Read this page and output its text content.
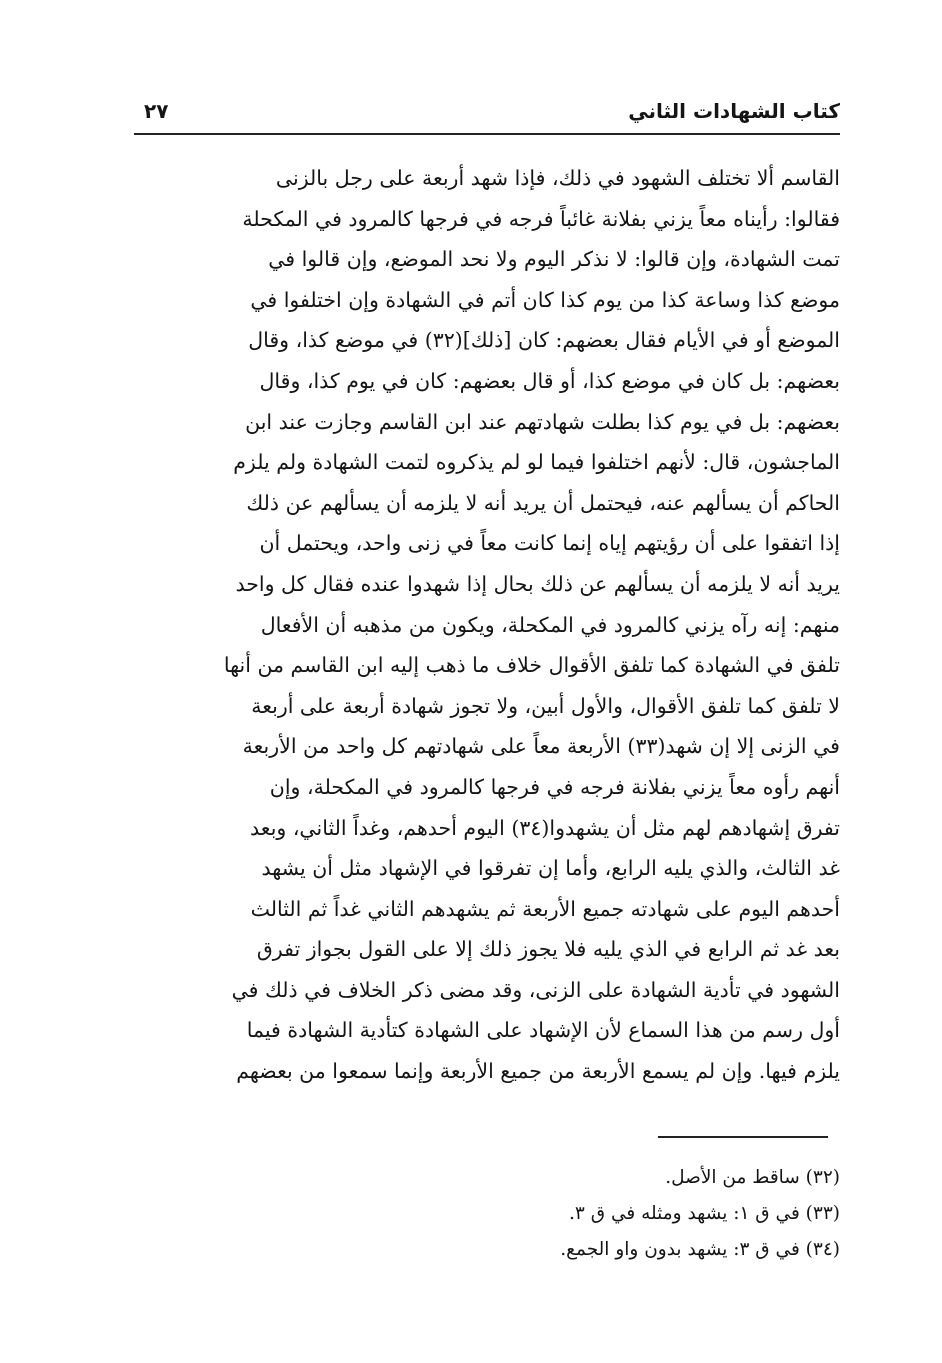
كتاب الشهادات الثاني
٢٧
القاسم ألا تختلف الشهود في ذلك، فإذا شهد أربعة على رجل بالزنى
فقالوا: رأيناه معاً يزني بفلانة غائباً فرجه في فرجها كالمرود في المكحلة
تمت الشهادة، وإن قالوا: لا نذكر اليوم ولا نحد الموضع، وإن قالوا في
موضع كذا وساعة كذا من يوم كذا كان أتم في الشهادة وإن اختلفوا في
الموضع أو في الأيام فقال بعضهم: كان [ذلك](٣٢) في موضع كذا، وقال
بعضهم: بل كان في موضع كذا، أو قال بعضهم: كان في يوم كذا، وقال
بعضهم: بل في يوم كذا بطلت شهادتهم عند ابن القاسم وجازت عند ابن
الماجشون، قال: لأنهم اختلفوا فيما لو لم يذكروه لتمت الشهادة ولم يلزم
الحاكم أن يسألهم عنه، فيحتمل أن يريد أنه لا يلزمه أن يسألهم عن ذلك
إذا اتفقوا على أن رؤيتهم إياه إنما كانت معاً في زنى واحد، ويحتمل أن
يريد أنه لا يلزمه أن يسألهم عن ذلك بحال إذا شهدوا عنده فقال كل واحد
منهم: إنه رآه يزني كالمرود في المكحلة، ويكون من مذهبه أن الأفعال
تلفق في الشهادة كما تلفق الأقوال خلاف ما ذهب إليه ابن القاسم من أنها
لا تلفق كما تلفق الأقوال، والأول أبين، ولا تجوز شهادة أربعة على أربعة
في الزنى إلا إن شهد(٣٣) الأربعة معاً على شهادتهم كل واحد من الأربعة
أنهم رأوه معاً يزني بفلانة فرجه في فرجها كالمرود في المكحلة، وإن
تفرق إشهادهم لهم مثل أن يشهدوا(٣٤) اليوم أحدهم، وغداً الثاني، وبعد
غد الثالث، والذي يليه الرابع، وأما إن تفرقوا في الإشهاد مثل أن يشهد
أحدهم اليوم على شهادته جميع الأربعة ثم يشهدهم الثاني غداً ثم الثالث
بعد غد ثم الرابع في الذي يليه فلا يجوز ذلك إلا على القول بجواز تفرق
الشهود في تأدية الشهادة على الزنى، وقد مضى ذكر الخلاف في ذلك في
أول رسم من هذا السماع لأن الإشهاد على الشهادة كتأدية الشهادة فيما
يلزم فيها. وإن لم يسمع الأربعة من جميع الأربعة وإنما سمعوا من بعضهم
(٣٢) ساقط من الأصل.
(٣٣) في ق ١: يشهد ومثله في ق ٣.
(٣٤) في ق ٣: يشهد بدون واو الجمع.
